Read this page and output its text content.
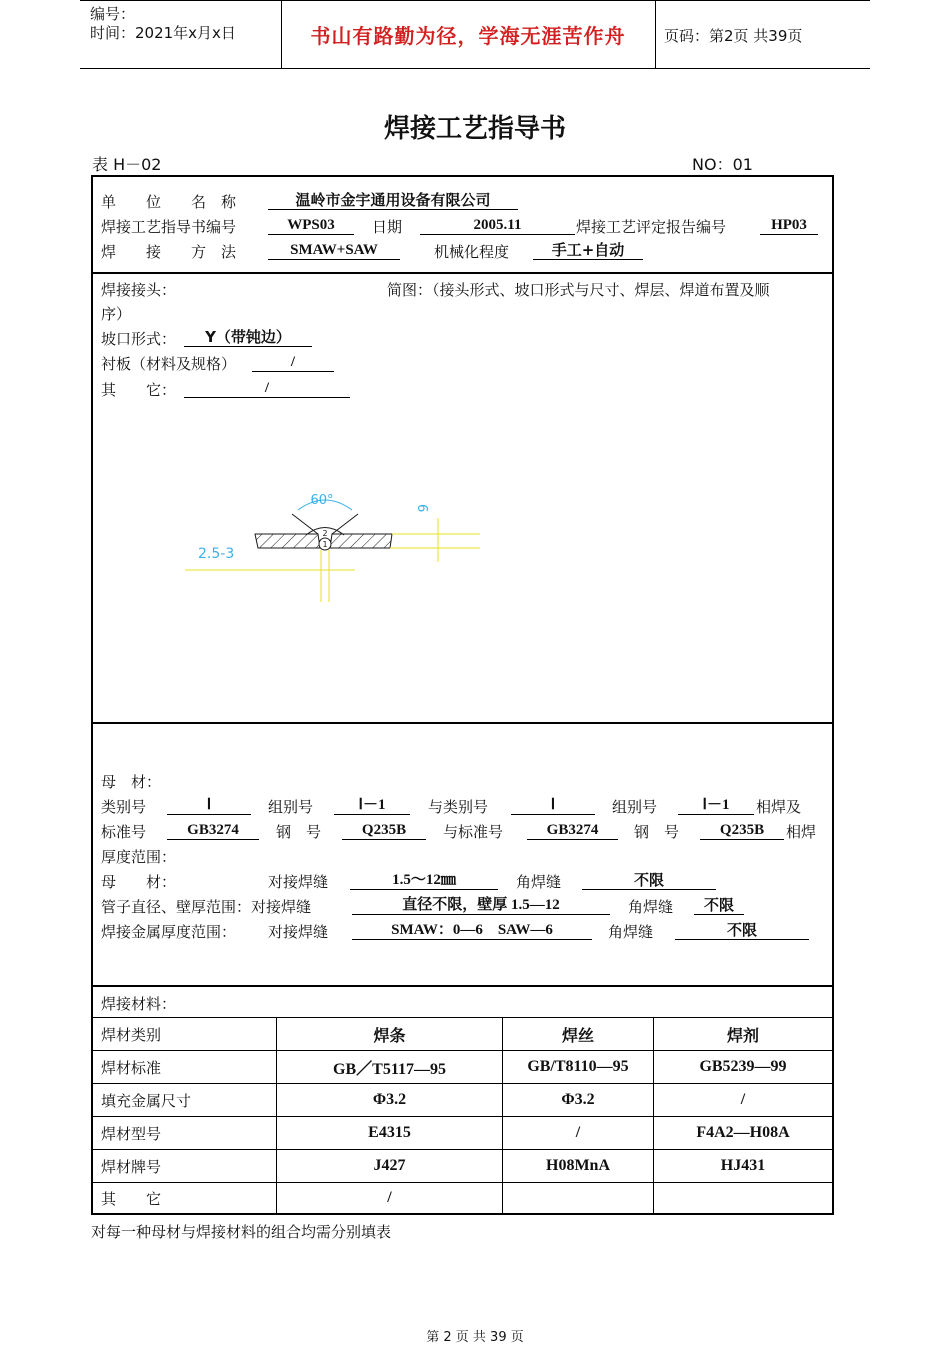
编号：
时间：2021年x月x日	书山有路勤为径，学海无涯苦作舟	页码：第2页 共39页
焊接工艺指导书
表 H－02	NO：01
单　　位　　名　称	温岭市金宇通用设备有限公司
焊接工艺指导书编号	WPS03	日期	2005.11	焊接工艺评定报告编号	HP03
焊　　接　　方　法	SMAW+SAW	机械化程度	手工+自动
焊接接头：	简图：（接头形式、坡口形式与尺寸、焊层、焊道布置及顺
序）
坡口形式：	Y（带钝边）
衬板（材料及规格）	/
其　　它：	/
2
1
60°
6
2.5-3
母　材：
类别号	Ⅰ	组别号	Ⅰ－1	与类别号	Ⅰ	组别号	Ⅰ－1	相焊及
标准号	GB3274	钢　号	Q235B	与标准号	GB3274	钢　号	Q235B	相焊
厚度范围：
母　　材：	对接焊缝	1.5～12㎜	角焊缝	不限
管子直径、壁厚范围：对接焊缝	直径不限，壁厚 1.5—12	角焊缝	不限
焊接金属厚度范围： 对接焊缝	SMAW：0—6　SAW—6	角焊缝	不限
焊接材料：
焊材类别	焊条	焊丝	焊剂
焊材标准	GB／T5117—95	GB/T8110—95	GB5239—99
填充金属尺寸	Φ3.2	Φ3.2	/
焊材型号	E4315	/	F4A2—H08A
焊材牌号	J427	H08MnA	HJ431
其　　它	/
对每一种母材与焊接材料的组合均需分别填表
第 2 页 共 39 页
